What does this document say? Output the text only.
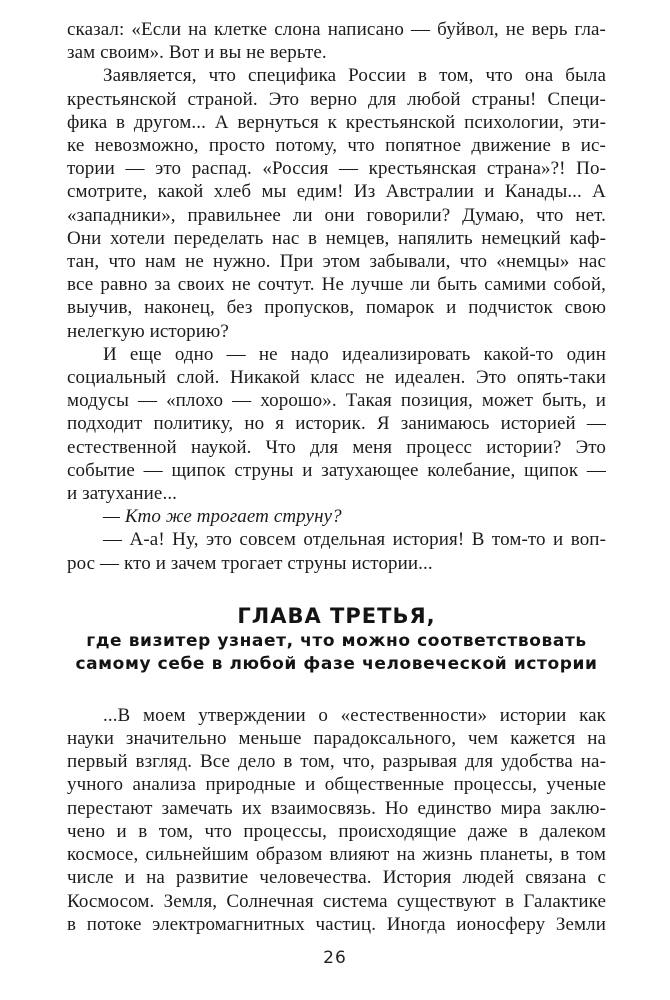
сказал: «Если на клетке слона написано — буйвол, не верь гла-
зам своим». Вот и вы не верьте.
Заявляется, что специфика России в том, что она была
крестьянской страной. Это верно для любой страны! Специ-
фика в другом... А вернуться к крестьянской психологии, эти-
ке невозможно, просто потому, что попятное движение в ис-
тории — это распад. «Россия — крестьянская страна»?! По-
смотрите, какой хлеб мы едим! Из Австралии и Канады... А
«западники», правильнее ли они говорили? Думаю, что нет.
Они хотели переделать нас в немцев, напялить немецкий каф-
тан, что нам не нужно. При этом забывали, что «немцы» нас
все равно за своих не сочтут. Не лучше ли быть самими собой,
выучив, наконец, без пропусков, помарок и подчисток свою
нелегкую историю?
И еще одно — не надо идеализировать какой-то один
социальный слой. Никакой класс не идеален. Это опять-таки
модусы — «плохо — хорошо». Такая позиция, может быть, и
подходит политику, но я историк. Я занимаюсь историей —
естественной наукой. Что для меня процесс истории? Это
событие — щипок струны и затухающее колебание, щипок —
и затухание...
— Кто же трогает струну?
— А-а! Ну, это совсем отдельная история! В том-то и воп-
рос — кто и зачем трогает струны истории...
ГЛАВА ТРЕТЬЯ,
где визитер узнает, что можно соответствовать
самому себе в любой фазе человеческой истории
...В моем утверждении о «естественности» истории как
науки значительно меньше парадоксального, чем кажется на
первый взгляд. Все дело в том, что, разрывая для удобства на-
учного анализа природные и общественные процессы, ученые
перестают замечать их взаимосвязь. Но единство мира заклю-
чено и в том, что процессы, происходящие даже в далеком
космосе, сильнейшим образом влияют на жизнь планеты, в том
числе и на развитие человечества. История людей связана с
Космосом. Земля, Солнечная система существуют в Галактике
в потоке электромагнитных частиц. Иногда ионосферу Земли
26
